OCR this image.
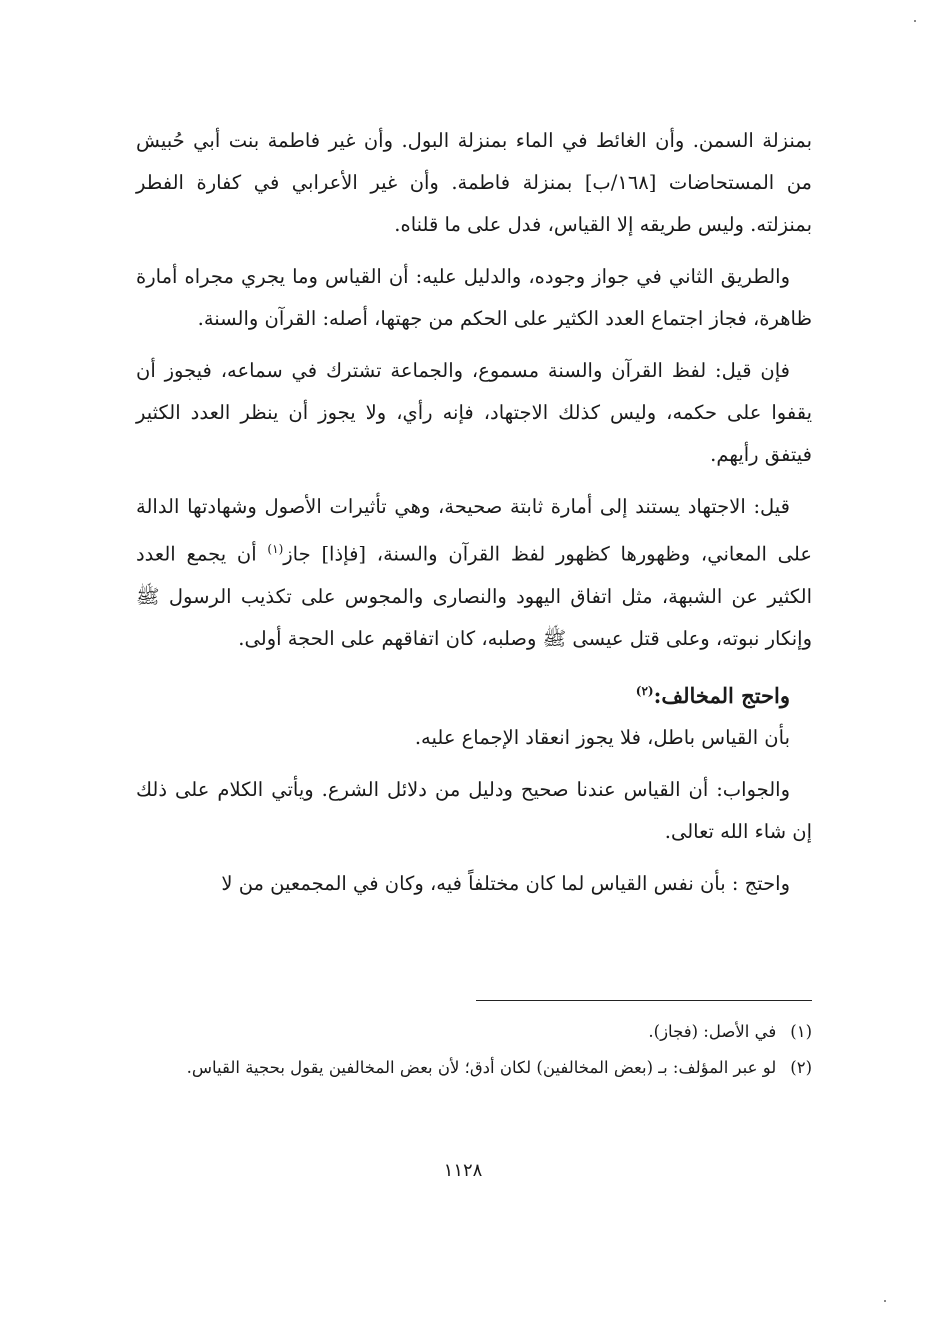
بمنزلة السمن. وأن الغائط في الماء بمنزلة البول. وأن غير فاطمة بنت أبي حُبيش من المستحاضات [١٦٨/ب] بمنزلة فاطمة. وأن غير الأعرابي في كفارة الفطر بمنزلته. وليس طريقه إلا القياس، فدل على ما قلناه.

والطريق الثاني في جواز وجوده، والدليل عليه: أن القياس وما يجري مجراه أمارة ظاهرة، فجاز اجتماع العدد الكثير على الحكم من جهتها، أصله: القرآن والسنة.

فإن قيل: لفظ القرآن والسنة مسموع، والجماعة تشترك في سماعه، فيجوز أن يقفوا على حكمه، وليس كذلك الاجتهاد، فإنه رأي، ولا يجوز أن ينظر العدد الكثير فيتفق رأيهم.

قيل: الاجتهاد يستند إلى أمارة ثابتة صحيحة، وهي تأثيرات الأصول وشهادتها الدالة على المعاني، وظهورها كظهور لفظ القرآن والسنة، [فإذا] جاز$^{(١)}$ أن يجمع العدد الكثير عن الشبهة، مثل اتفاق اليهود والنصارى والمجوس على تكذيب الرسول ﷺ وإنكار نبوته، وعلى قتل عيسى ﷺ وصلبه، كان اتفاقهم على الحجة أولى.

واحتج المخالف:$^{(٢)}$

بأن القياس باطل، فلا يجوز انعقاد الإجماع عليه.

والجواب: أن القياس عندنا صحيح ودليل من دلائل الشرع. ويأتي الكلام على ذلك إن شاء الله تعالى.

واحتج : بأن نفس القياس لما كان مختلفاً فيه، وكان في المجمعين من لا

(١)
في الأصل: (فجاز).
(٢)
لو عبر المؤلف: بـ (بعض المخالفين) لكان أدق؛ لأن بعض المخالفين يقول بحجية القياس.
١١٢٨
